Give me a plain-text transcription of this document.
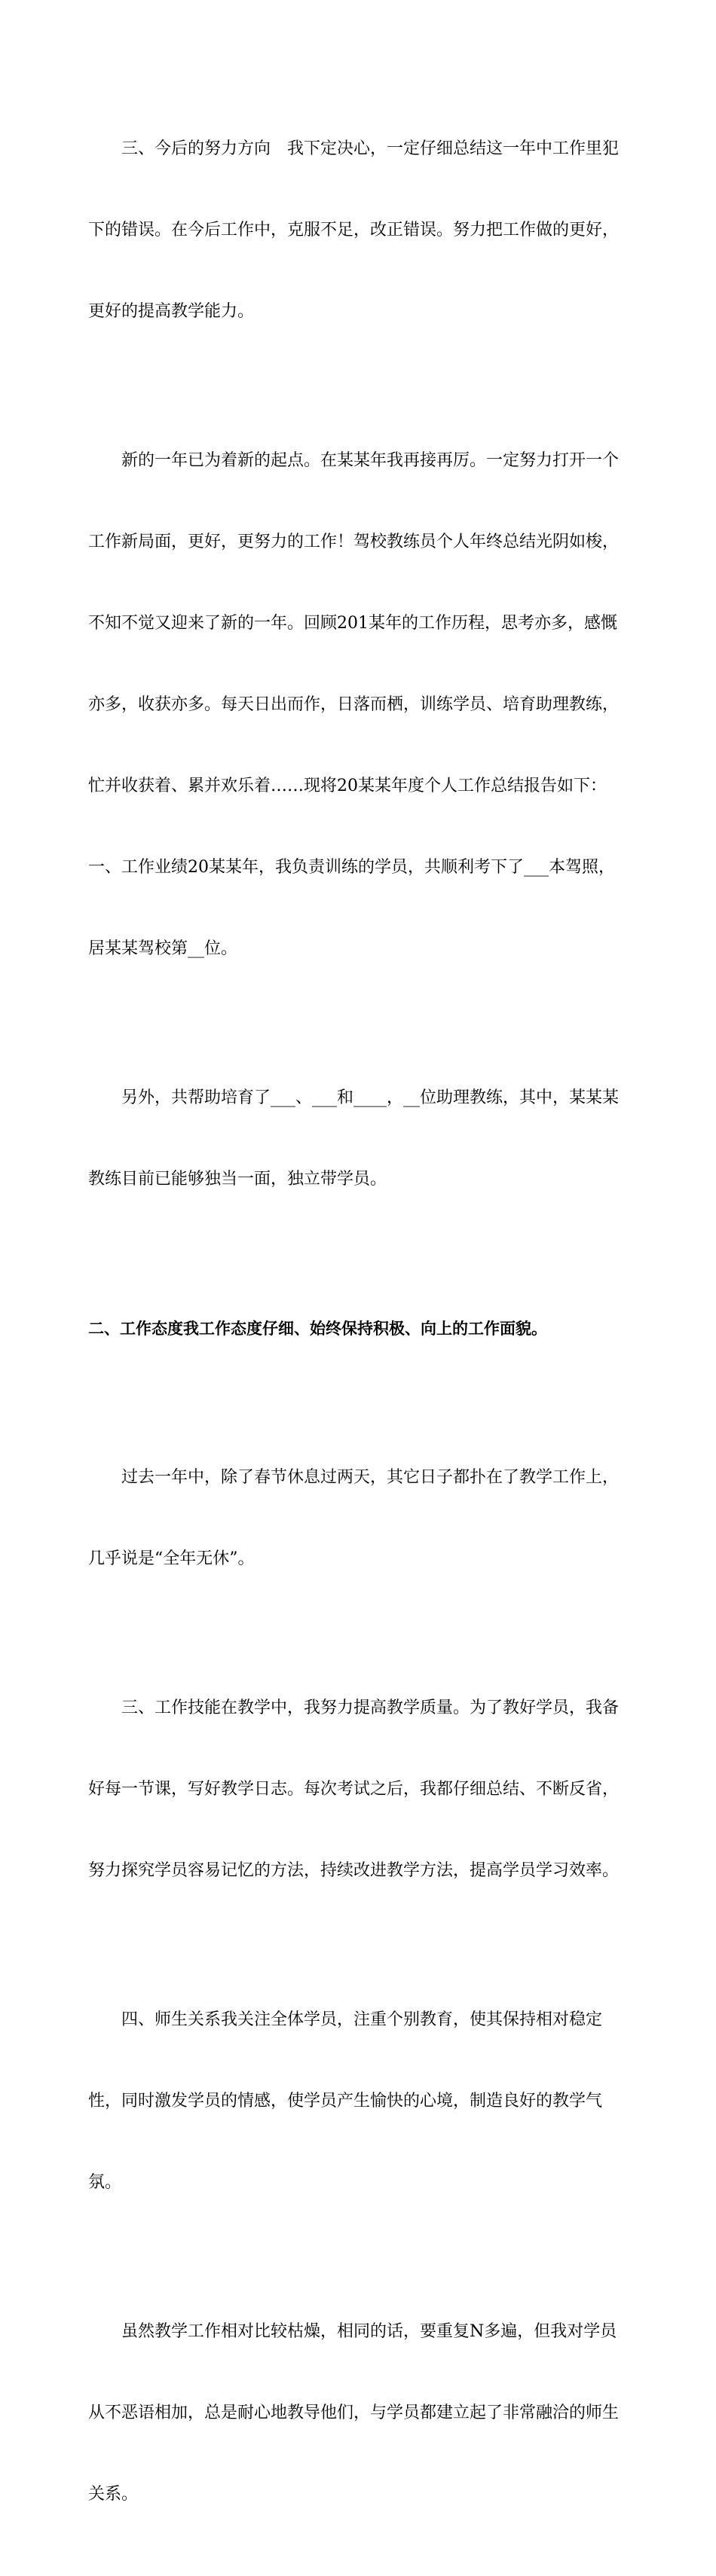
三、今后的努力方向　我下定决心，一定仔细总结这一年中工作里犯

下的错误。在今后工作中，克服不足，改正错误。努力把工作做的更好，

更好的提高教学能力。

新的一年已为着新的起点。在某某年我再接再厉。一定努力打开一个

工作新局面，更好，更努力的工作！驾校教练员个人年终总结光阴如梭，

不知不觉又迎来了新的一年。回顾201某年的工作历程，思考亦多，感慨

亦多，收获亦多。每天日出而作，日落而栖，训练学员、培育助理教练，

忙并收获着、累并欢乐着……现将20某某年度个人工作总结报告如下：

一、工作业绩20某某年，我负责训练的学员，共顺利考下了___本驾照，

居某某驾校第__位。

另外，共帮助培育了___、___和____，__位助理教练，其中，某某某

教练目前已能够独当一面，独立带学员。

二、工作态度我工作态度仔细、始终保持积极、向上的工作面貌。

过去一年中，除了春节休息过两天，其它日子都扑在了教学工作上，

几乎说是“全年无休”。

三、工作技能在教学中，我努力提高教学质量。为了教好学员，我备

好每一节课，写好教学日志。每次考试之后，我都仔细总结、不断反省，

努力探究学员容易记忆的方法，持续改进教学方法，提高学员学习效率。

四、师生关系我关注全体学员，注重个别教育，使其保持相对稳定

性，同时激发学员的情感，使学员产生愉快的心境，制造良好的教学气

氛。

虽然教学工作相对比较枯燥，相同的话，要重复N多遍，但我对学员

从不恶语相加，总是耐心地教导他们，与学员都建立起了非常融洽的师生

关系。
